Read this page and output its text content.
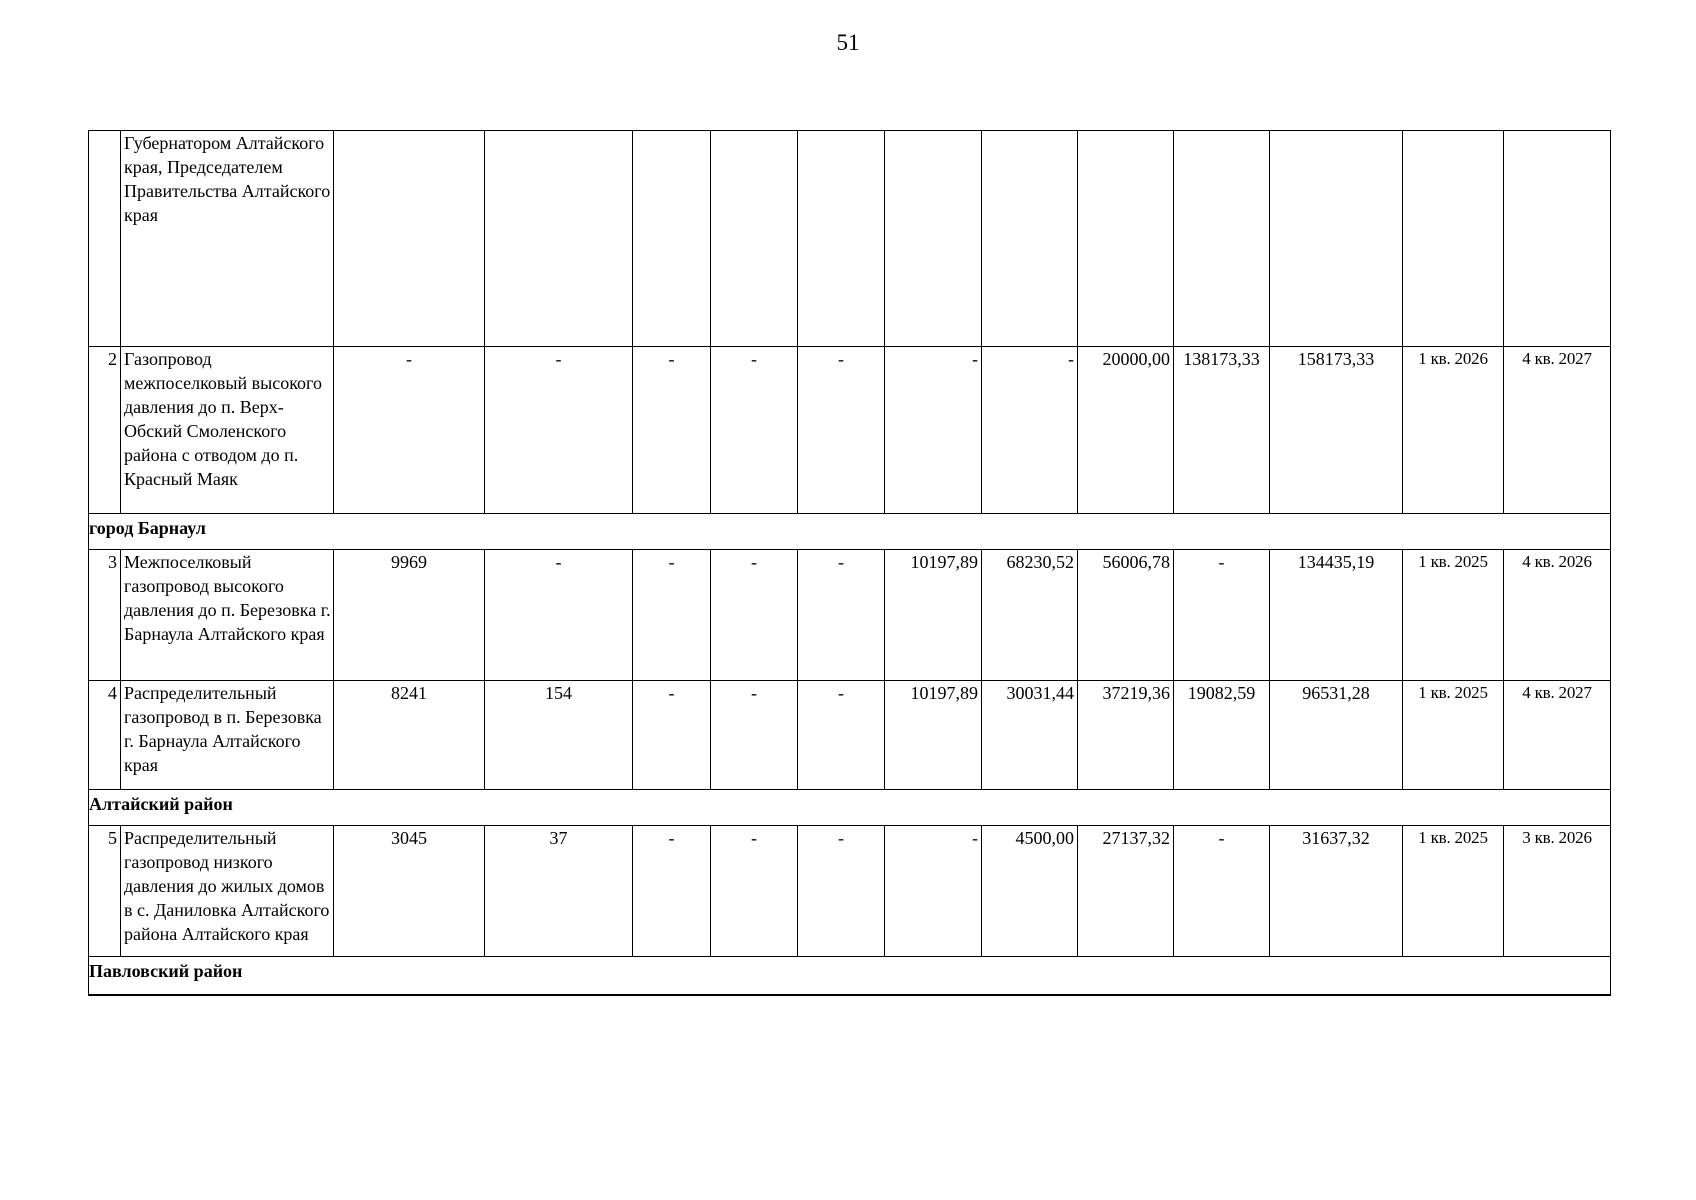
51
	Губернатором Алтайского края, Председателем Правительства Алтайского края												
2	Газопровод межпоселковый высокого давления до п. Верх-Обский Смоленского района с отводом до п. Красный Маяк	-	-	-	-	-	-	-	20000,00	138173,33	158173,33	1 кв. 2026	4 кв. 2027
город Барнаул													
3	Межпоселковый газопровод высокого давления до п. Березовка г. Барнаула Алтайского края	9969	-	-	-	-	10197,89	68230,52	56006,78	-	134435,19	1 кв. 2025	4 кв. 2026
4	Распределительный газопровод в п. Березовка г. Барнаула Алтайского края	8241	154	-	-	-	10197,89	30031,44	37219,36	19082,59	96531,28	1 кв. 2025	4 кв. 2027
Алтайский район													
5	Распределительный газопровод низкого давления до жилых домов в с. Даниловка Алтайского района Алтайского края	3045	37	-	-	-	-	4500,00	27137,32	-	31637,32	1 кв. 2025	3 кв. 2026
Павловский район													
